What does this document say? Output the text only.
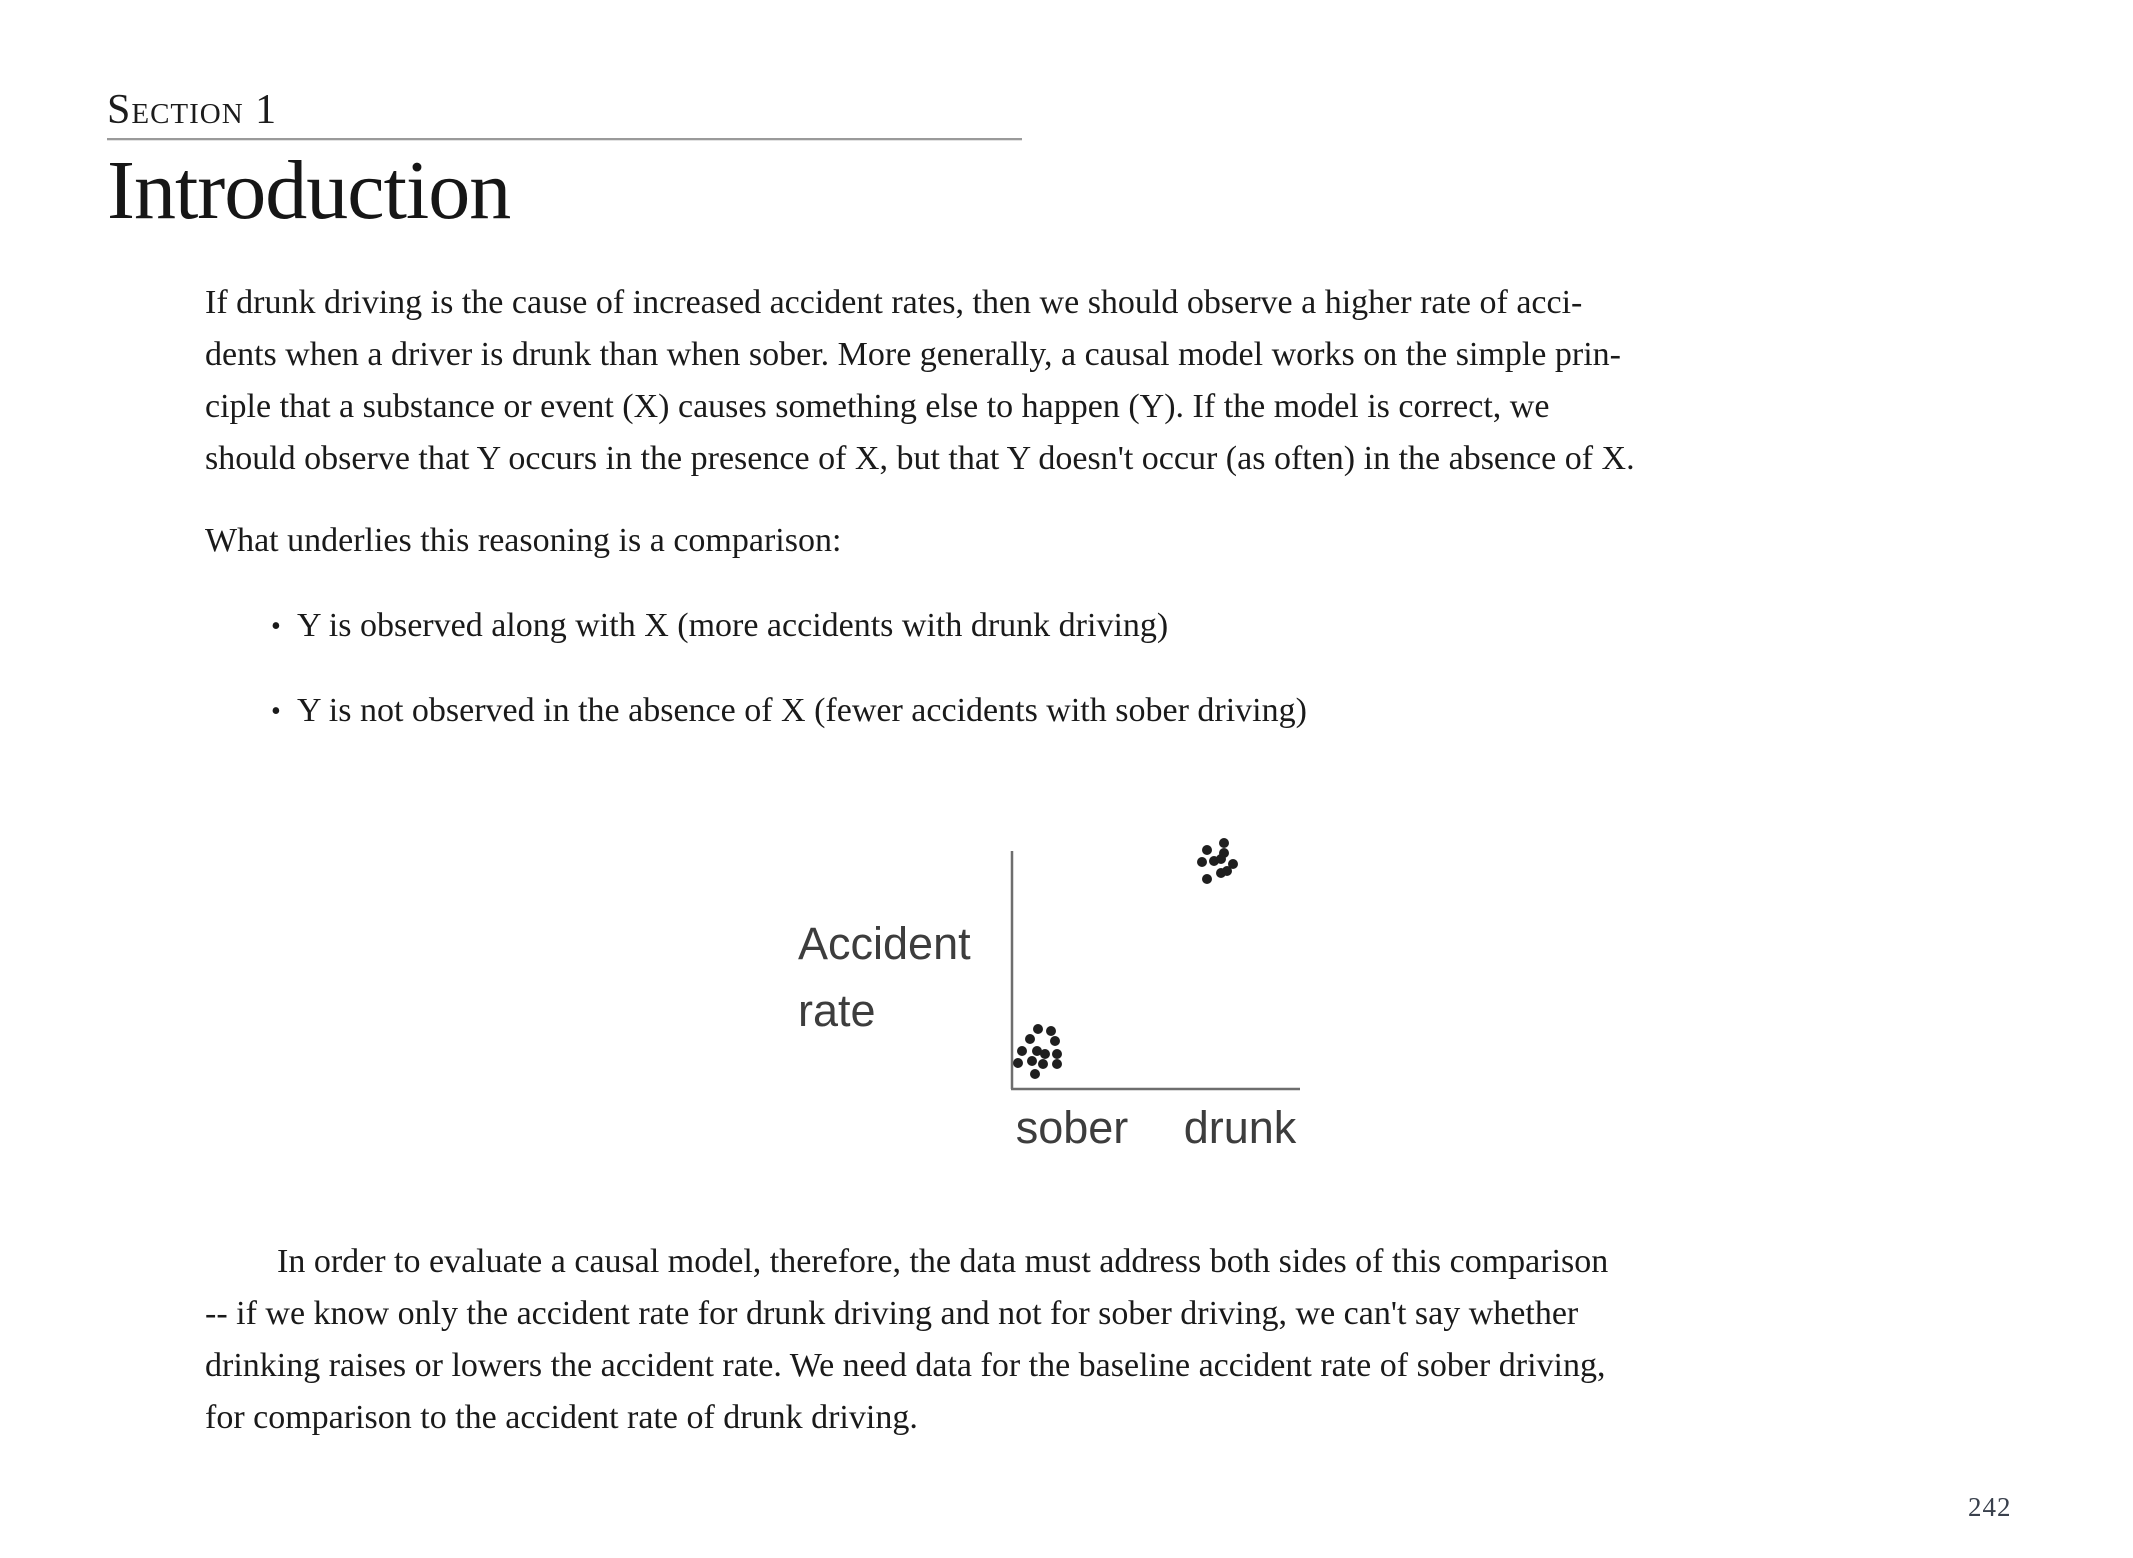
Section 1
Introduction

If drunk driving is the cause of increased accident rates, then we should observe a higher rate of acci-
dents when a driver is drunk than when sober. More generally, a causal model works on the simple prin-
ciple that a substance or event (X) causes something else to happen (Y). If the model is correct, we
should observe that Y occurs in the presence of X, but that Y doesn't occur (as often) in the absence of X.

What underlies this reasoning is a comparison:

• Y is observed along with X (more accidents with drunk driving)
• Y is not observed in the absence of X (fewer accidents with sober driving)
Accident
rate
sober drunk

In order to evaluate a causal model, therefore, the data must address both sides of this comparison
-- if we know only the accident rate for drunk driving and not for sober driving, we can't say whether
drinking raises or lowers the accident rate. We need data for the baseline accident rate of sober driving,
for comparison to the accident rate of drunk driving.

242
